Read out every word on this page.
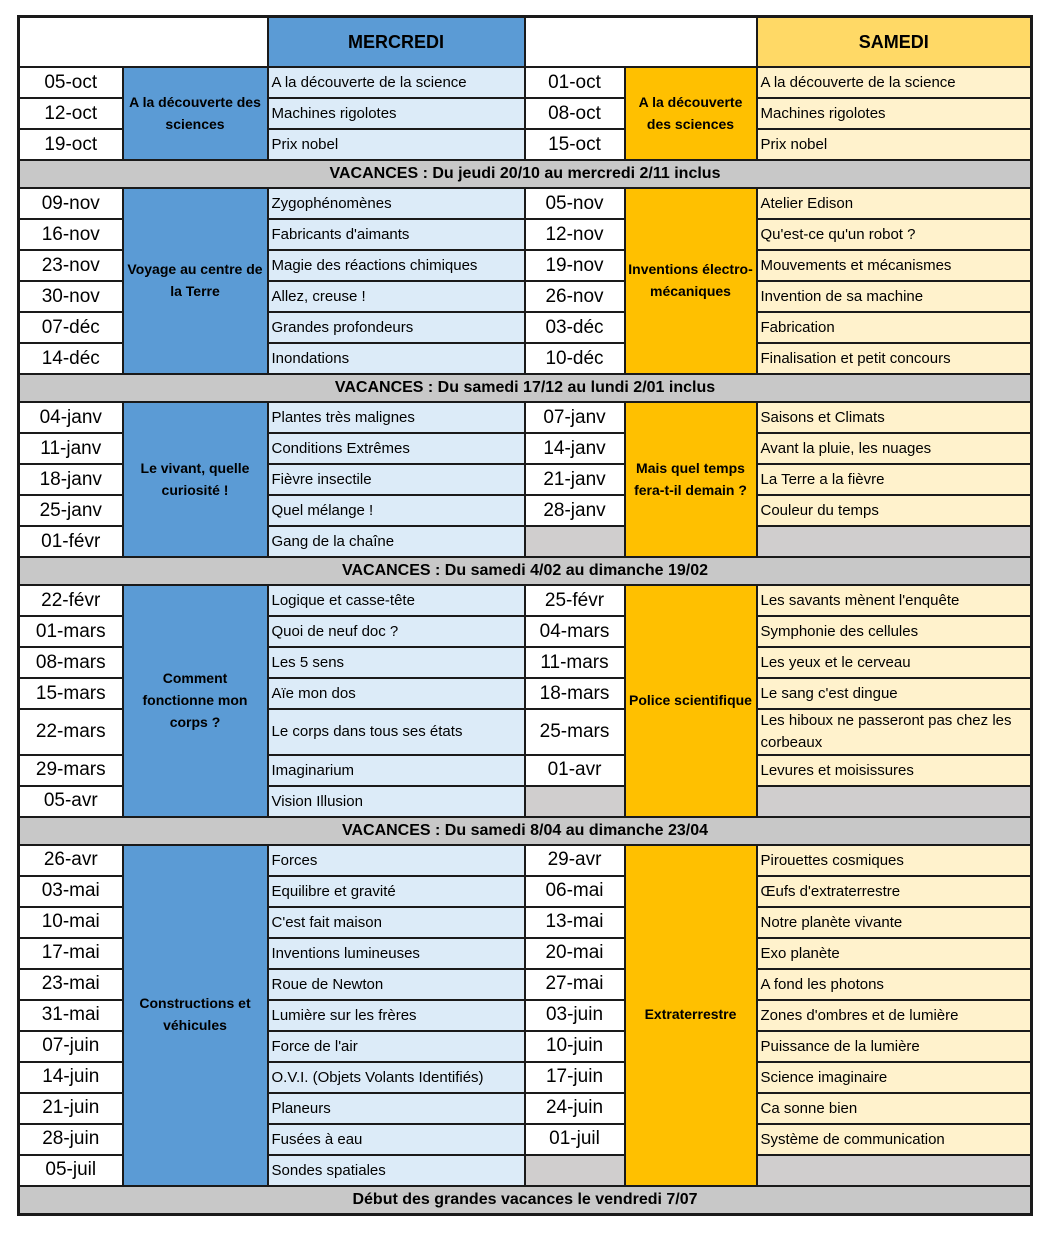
		MERCREDI			SAMEDI
05-oct	A la découverte des sciences	A la découverte de la science	01-oct	A la découverte des sciences	A la découverte de la science
12-oct		Machines rigolotes	08-oct		Machines rigolotes
19-oct		Prix nobel	15-oct		Prix nobel
VACANCES : Du jeudi 20/10 au mercredi 2/11 inclus					
09-nov	Voyage au centre de la Terre	Zygophénomènes	05-nov	Inventions électro-mécaniques	Atelier Edison
16-nov		Fabricants d'aimants	12-nov		Qu'est-ce qu'un robot ?
23-nov		Magie des réactions chimiques	19-nov		Mouvements et mécanismes
30-nov		Allez, creuse !	26-nov		Invention de sa machine
07-déc		Grandes profondeurs	03-déc		Fabrication
14-déc		Inondations	10-déc		Finalisation et petit concours
VACANCES : Du samedi 17/12 au lundi 2/01 inclus					
04-janv	Le vivant, quelle curiosité !	Plantes très malignes	07-janv	Mais quel temps fera-t-il demain ?	Saisons et Climats
11-janv		Conditions Extrêmes	14-janv		Avant la pluie, les nuages
18-janv		Fièvre insectile	21-janv		La Terre a la fièvre
25-janv		Quel mélange !	28-janv		Couleur du temps
01-févr		Gang de la chaîne			
VACANCES : Du samedi 4/02 au dimanche 19/02					
22-févr	Comment fonctionne mon corps ?	Logique et casse-tête	25-févr	Police scientifique	Les savants mènent l'enquête
01-mars		Quoi de neuf doc ?	04-mars		Symphonie des cellules
08-mars		Les 5 sens	11-mars		Les yeux et le cerveau
15-mars		Aïe mon dos	18-mars		Le sang c'est dingue
22-mars		Le corps dans tous ses états	25-mars		Les hiboux ne passeront pas chez les corbeaux
29-mars		Imaginarium	01-avr		Levures et moisissures
05-avr		Vision Illusion			
VACANCES : Du samedi 8/04 au dimanche 23/04					
26-avr	Constructions et véhicules	Forces	29-avr	Extraterrestre	Pirouettes cosmiques
03-mai		Equilibre et gravité	06-mai		Œufs d'extraterrestre
10-mai		C'est fait maison	13-mai		Notre planète vivante
17-mai		Inventions lumineuses	20-mai		Exo planète
23-mai		Roue de Newton	27-mai		A fond les photons
31-mai		Lumière sur les frères	03-juin		Zones d'ombres et de lumière
07-juin		Force de l'air	10-juin		Puissance de la lumière
14-juin		O.V.I. (Objets Volants Identifiés)	17-juin		Science imaginaire
21-juin		Planeurs	24-juin		Ca sonne bien
28-juin		Fusées à eau	01-juil		Système de communication
05-juil		Sondes spatiales			
Début des grandes vacances le vendredi 7/07					
